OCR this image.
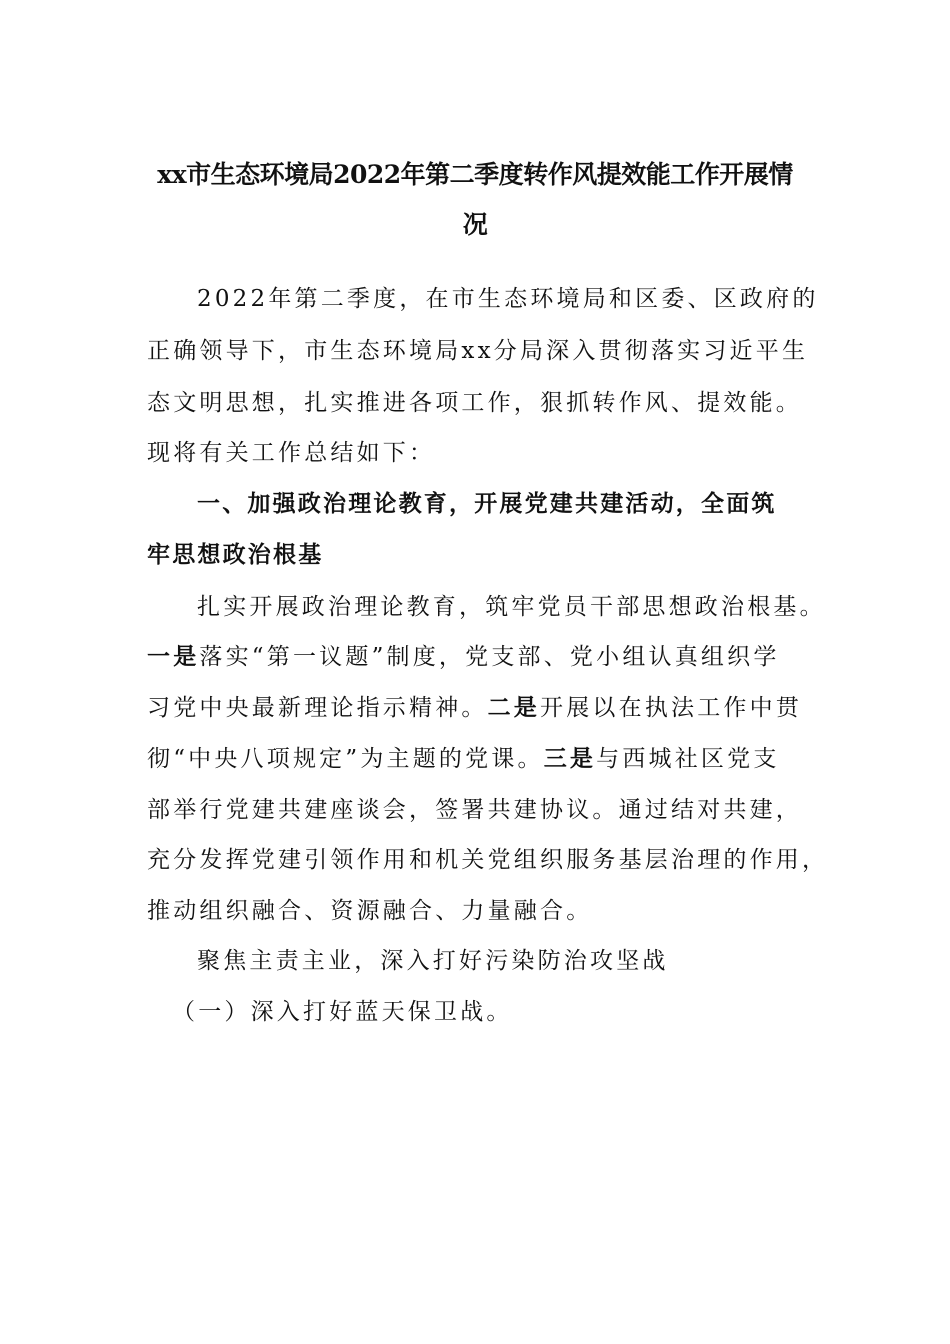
xx市生态环境局2022年第二季度转作风提效能工作开展情
况
2022年第二季度，在市生态环境局和区委、区政府的
正确领导下，市生态环境局xx分局深入贯彻落实习近平生
态文明思想，扎实推进各项工作，狠抓转作风、提效能。
现将有关工作总结如下：
一、加强政治理论教育，开展党建共建活动，全面筑
牢思想政治根基
扎实开展政治理论教育，筑牢党员干部思想政治根基。
一是落实“第一议题”制度，党支部、党小组认真组织学
习党中央最新理论指示精神。二是开展以在执法工作中贯
彻“中央八项规定”为主题的党课。三是与西城社区党支
部举行党建共建座谈会，签署共建协议。通过结对共建，
充分发挥党建引领作用和机关党组织服务基层治理的作用，
推动组织融合、资源融合、力量融合。
聚焦主责主业，深入打好污染防治攻坚战
（一）深入打好蓝天保卫战。
